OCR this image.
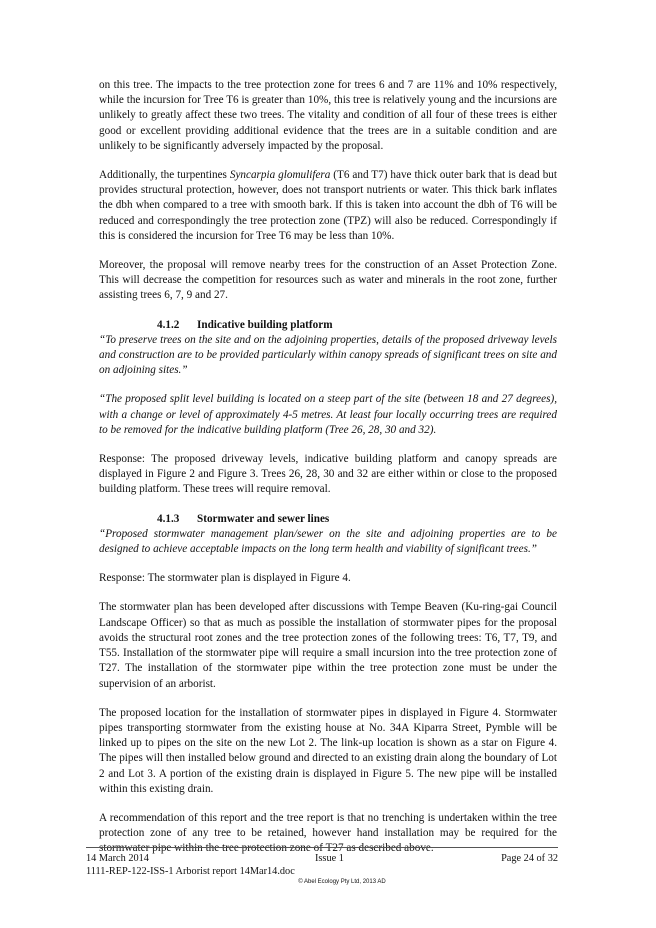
on this tree. The impacts to the tree protection zone for trees 6 and 7 are 11% and 10% respectively, while the incursion for Tree T6 is greater than 10%, this tree is relatively young and the incursions are unlikely to greatly affect these two trees. The vitality and condition of all four of these trees is either good or excellent providing additional evidence that the trees are in a suitable condition and are unlikely to be significantly adversely impacted by the proposal.

Additionally, the turpentines Syncarpia glomulifera (T6 and T7) have thick outer bark that is dead but provides structural protection, however, does not transport nutrients or water. This thick bark inflates the dbh when compared to a tree with smooth bark. If this is taken into account the dbh of T6 will be reduced and correspondingly the tree protection zone (TPZ) will also be reduced. Correspondingly if this is considered the incursion for Tree T6 may be less than 10%.

Moreover, the proposal will remove nearby trees for the construction of an Asset Protection Zone. This will decrease the competition for resources such as water and minerals in the root zone, further assisting trees 6, 7, 9 and 27.

4.1.2 Indicative building platform

“To preserve trees on the site and on the adjoining properties, details of the proposed driveway levels and construction are to be provided particularly within canopy spreads of significant trees on site and on adjoining sites.”

“The proposed split level building is located on a steep part of the site (between 18 and 27 degrees), with a change or level of approximately 4-5 metres. At least four locally occurring trees are required to be removed for the indicative building platform (Tree 26, 28, 30 and 32).

Response: The proposed driveway levels, indicative building platform and canopy spreads are displayed in Figure 2 and Figure 3. Trees 26, 28, 30 and 32 are either within or close to the proposed building platform. These trees will require removal.

4.1.3 Stormwater and sewer lines

“Proposed stormwater management plan/sewer on the site and adjoining properties are to be designed to achieve acceptable impacts on the long term health and viability of significant trees.”

Response: The stormwater plan is displayed in Figure 4.

The stormwater plan has been developed after discussions with Tempe Beaven (Ku-ring-gai Council Landscape Officer) so that as much as possible the installation of stormwater pipes for the proposal avoids the structural root zones and the tree protection zones of the following trees: T6, T7, T9, and T55. Installation of the stormwater pipe will require a small incursion into the tree protection zone of T27. The installation of the stormwater pipe within the tree protection zone must be under the supervision of an arborist.

The proposed location for the installation of stormwater pipes in displayed in Figure 4. Stormwater pipes transporting stormwater from the existing house at No. 34A Kiparra Street, Pymble will be linked up to pipes on the site on the new Lot 2. The link-up location is shown as a star on Figure 4. The pipes will then installed below ground and directed to an existing drain along the boundary of Lot 2 and Lot 3. A portion of the existing drain is displayed in Figure 5. The new pipe will be installed within this existing drain.

A recommendation of this report and the tree report is that no trenching is undertaken within the tree protection zone of any tree to be retained, however hand installation may be required for the stormwater pipe within the tree protection zone of T27 as described above.

14 March 2014	Page 24 of 32
Issue 1
1111-REP-122-ISS-1 Arborist report 14Mar14.doc
© Abel Ecology Pty Ltd, 2013 AD
